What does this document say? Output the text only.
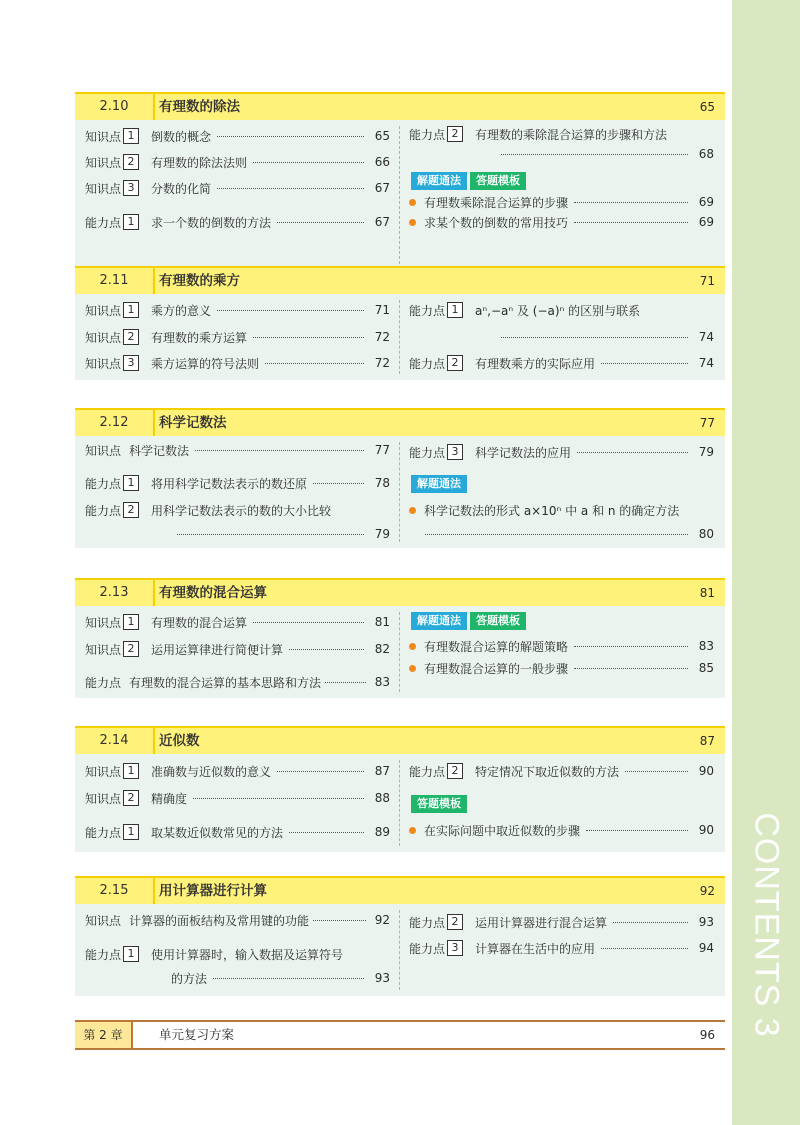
CONTENTS 3
2.10	有理数的除法	65
知识点 1	倒数的概念	65
知识点 2	有理数的除法法则	66
知识点 3	分数的化简	67
能力点 1	求一个数的倒数的方法	67
能力点 2	有理数的乘除混合运算的步骤和方法
68
解题通法	答题模板
有理数乘除混合运算的步骤	69
求某个数的倒数的常用技巧	69
2.11	有理数的乘方	71
知识点 1	乘方的意义	71
知识点 2	有理数的乘方运算	72
知识点 3	乘方运算的符号法则	72
能力点 1	aⁿ,−aⁿ 及 (−a)ⁿ 的区别与联系
74
能力点 2	有理数乘方的实际应用	74
2.12	科学记数法	77
知识点 科学记数法	77
能力点 1	将用科学记数法表示的数还原	78
能力点 2	用科学记数法表示的数的大小比较
79
能力点 3	科学记数法的应用	79
解题通法
科学记数法的形式 a×10ⁿ 中 a 和 n 的确定方法
80
2.13	有理数的混合运算	81
知识点 1	有理数的混合运算	81
知识点 2	运用运算律进行简便计算	82
能力点 有理数的混合运算的基本思路和方法	83
解题通法	答题模板
有理数混合运算的解题策略	83
有理数混合运算的一般步骤	85
2.14	近似数	87
知识点 1	准确数与近似数的意义	87
知识点 2	精确度	88
能力点 1	取某数近似数常见的方法	89
能力点 2	特定情况下取近似数的方法	90
答题模板
在实际问题中取近似数的步骤	90
2.15	用计算器进行计算	92
知识点 计算器的面板结构及常用键的功能	92
能力点 1	使用计算器时，输入数据及运算符号
的方法	93
能力点 2	运用计算器进行混合运算	93
能力点 3	计算器在生活中的应用	94
第 2 章	单元复习方案	96
